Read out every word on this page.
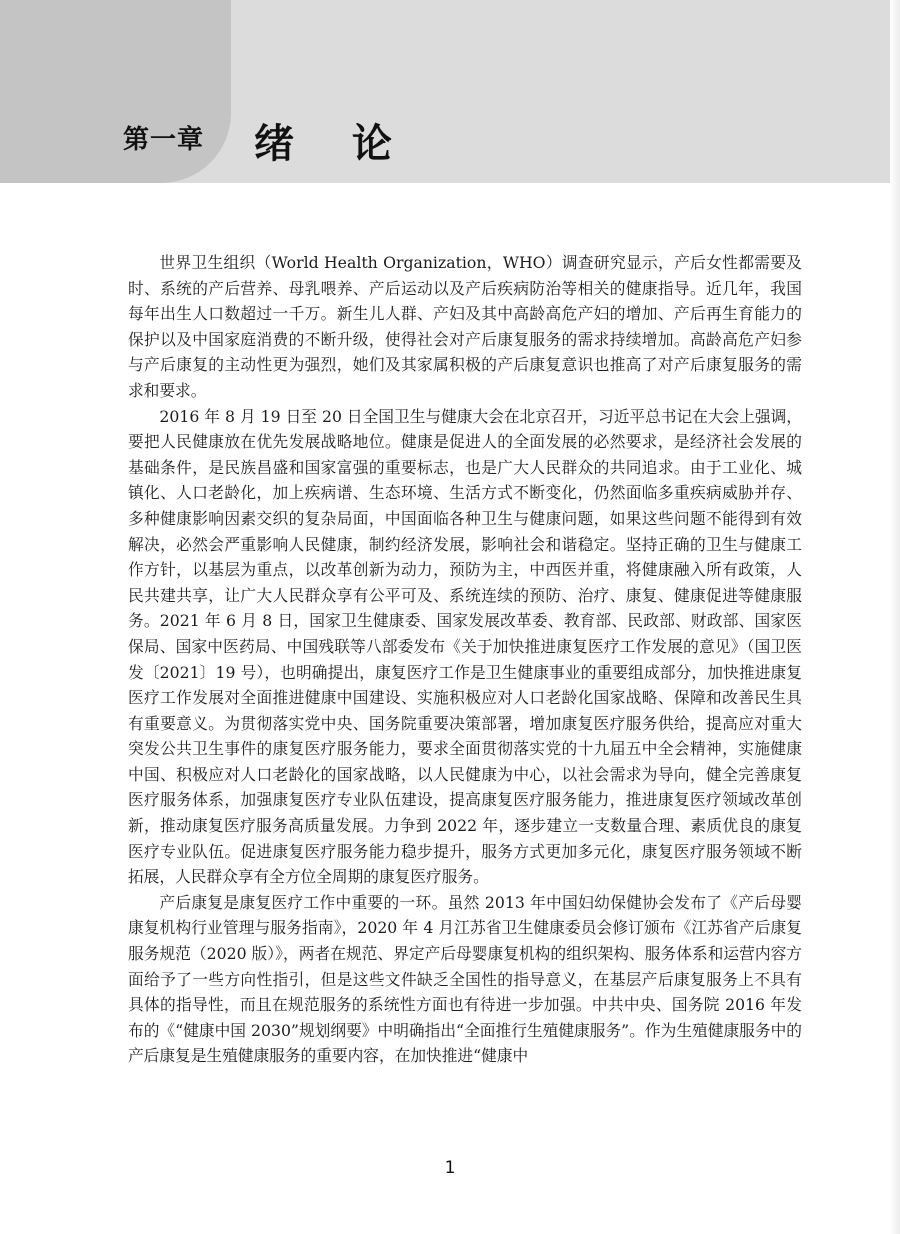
第一章 绪 论

世界卫生组织（World Health Organization，WHO）调查研究显示，产后女性都需要及时、系统的产后营养、母乳喂养、产后运动以及产后疾病防治等相关的健康指导。近几年，我国每年出生人口数超过一千万。新生儿人群、产妇及其中高龄高危产妇的增加、产后再生育能力的保护以及中国家庭消费的不断升级，使得社会对产后康复服务的需求持续增加。高龄高危产妇参与产后康复的主动性更为强烈，她们及其家属积极的产后康复意识也推高了对产后康复服务的需求和要求。

2016 年 8 月 19 日至 20 日全国卫生与健康大会在北京召开，习近平总书记在大会上强调，要把人民健康放在优先发展战略地位。健康是促进人的全面发展的必然要求，是经济社会发展的基础条件，是民族昌盛和国家富强的重要标志，也是广大人民群众的共同追求。由于工业化、城镇化、人口老龄化，加上疾病谱、生态环境、生活方式不断变化，仍然面临多重疾病威胁并存、多种健康影响因素交织的复杂局面，中国面临各种卫生与健康问题，如果这些问题不能得到有效解决，必然会严重影响人民健康，制约经济发展，影响社会和谐稳定。坚持正确的卫生与健康工作方针，以基层为重点，以改革创新为动力，预防为主，中西医并重，将健康融入所有政策，人民共建共享，让广大人民群众享有公平可及、系统连续的预防、治疗、康复、健康促进等健康服务。2021 年 6 月 8 日，国家卫生健康委、国家发展改革委、教育部、民政部、财政部、国家医保局、国家中医药局、中国残联等八部委发布《关于加快推进康复医疗工作发展的意见》（国卫医发〔2021〕19 号），也明确提出，康复医疗工作是卫生健康事业的重要组成部分，加快推进康复医疗工作发展对全面推进健康中国建设、实施积极应对人口老龄化国家战略、保障和改善民生具有重要意义。为贯彻落实党中央、国务院重要决策部署，增加康复医疗服务供给，提高应对重大突发公共卫生事件的康复医疗服务能力，要求全面贯彻落实党的十九届五中全会精神，实施健康中国、积极应对人口老龄化的国家战略，以人民健康为中心，以社会需求为导向，健全完善康复医疗服务体系，加强康复医疗专业队伍建设，提高康复医疗服务能力，推进康复医疗领域改革创新，推动康复医疗服务高质量发展。力争到 2022 年，逐步建立一支数量合理、素质优良的康复医疗专业队伍。促进康复医疗服务能力稳步提升，服务方式更加多元化，康复医疗服务领域不断拓展，人民群众享有全方位全周期的康复医疗服务。

产后康复是康复医疗工作中重要的一环。虽然 2013 年中国妇幼保健协会发布了《产后母婴康复机构行业管理与服务指南》，2020 年 4 月江苏省卫生健康委员会修订颁布《江苏省产后康复服务规范（2020 版）》，两者在规范、界定产后母婴康复机构的组织架构、服务体系和运营内容方面给予了一些方向性指引，但是这些文件缺乏全国性的指导意义，在基层产后康复服务上不具有具体的指导性，而且在规范服务的系统性方面也有待进一步加强。中共中央、国务院 2016 年发布的《“健康中国 2030”规划纲要》中明确指出“全面推行生殖健康服务”。作为生殖健康服务中的产后康复是生殖健康服务的重要内容，在加快推进“健康中

1
